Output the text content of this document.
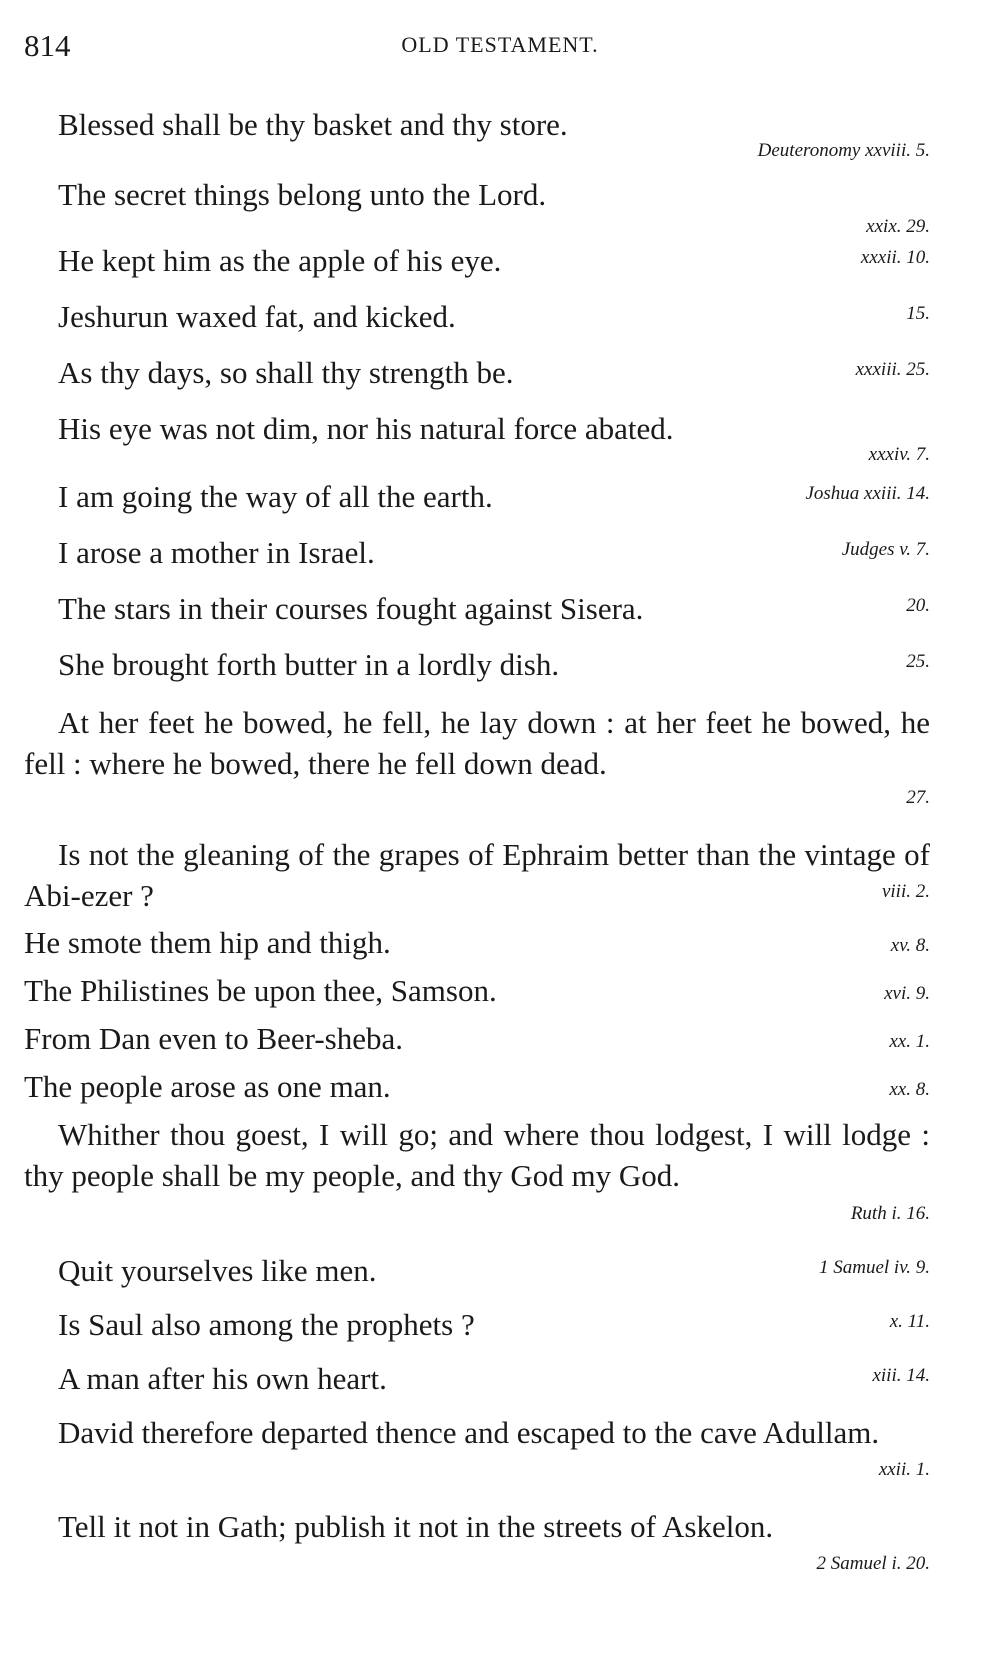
814	OLD TESTAMENT.
Blessed shall be thy basket and thy store.
Deuteronomy xxviii. 5.
The secret things belong unto the Lord.
xxix. 29.
He kept him as the apple of his eye.	xxxii. 10.
Jeshurun waxed fat, and kicked.	15.
As thy days, so shall thy strength be.	xxxiii. 25.
His eye was not dim, nor his natural force abated.
xxxiv. 7.
I am going the way of all the earth.	Joshua xxiii. 14.
I arose a mother in Israel.	Judges v. 7.
The stars in their courses fought against Sisera.	20.
She brought forth butter in a lordly dish.	25.
At her feet he bowed, he fell, he lay down : at her feet he bowed, he fell : where he bowed, there he fell down dead.
27.
Is not the gleaning of the grapes of Ephraim better than the vintage of Abi-ezer ?	viii. 2.
He smote them hip and thigh.	xv. 8.
The Philistines be upon thee, Samson.	xvi. 9.
From Dan even to Beer-sheba.	xx. 1.
The people arose as one man.	xx. 8.
Whither thou goest, I will go; and where thou lodgest, I will lodge : thy people shall be my people, and thy God my God.
Ruth i. 16.
Quit yourselves like men.	1 Samuel iv. 9.
Is Saul also among the prophets ?	x. 11.
A man after his own heart.	xiii. 14.
David therefore departed thence and escaped to the cave Adullam.
xxii. 1.
Tell it not in Gath; publish it not in the streets of Askelon.
2 Samuel i. 20.
